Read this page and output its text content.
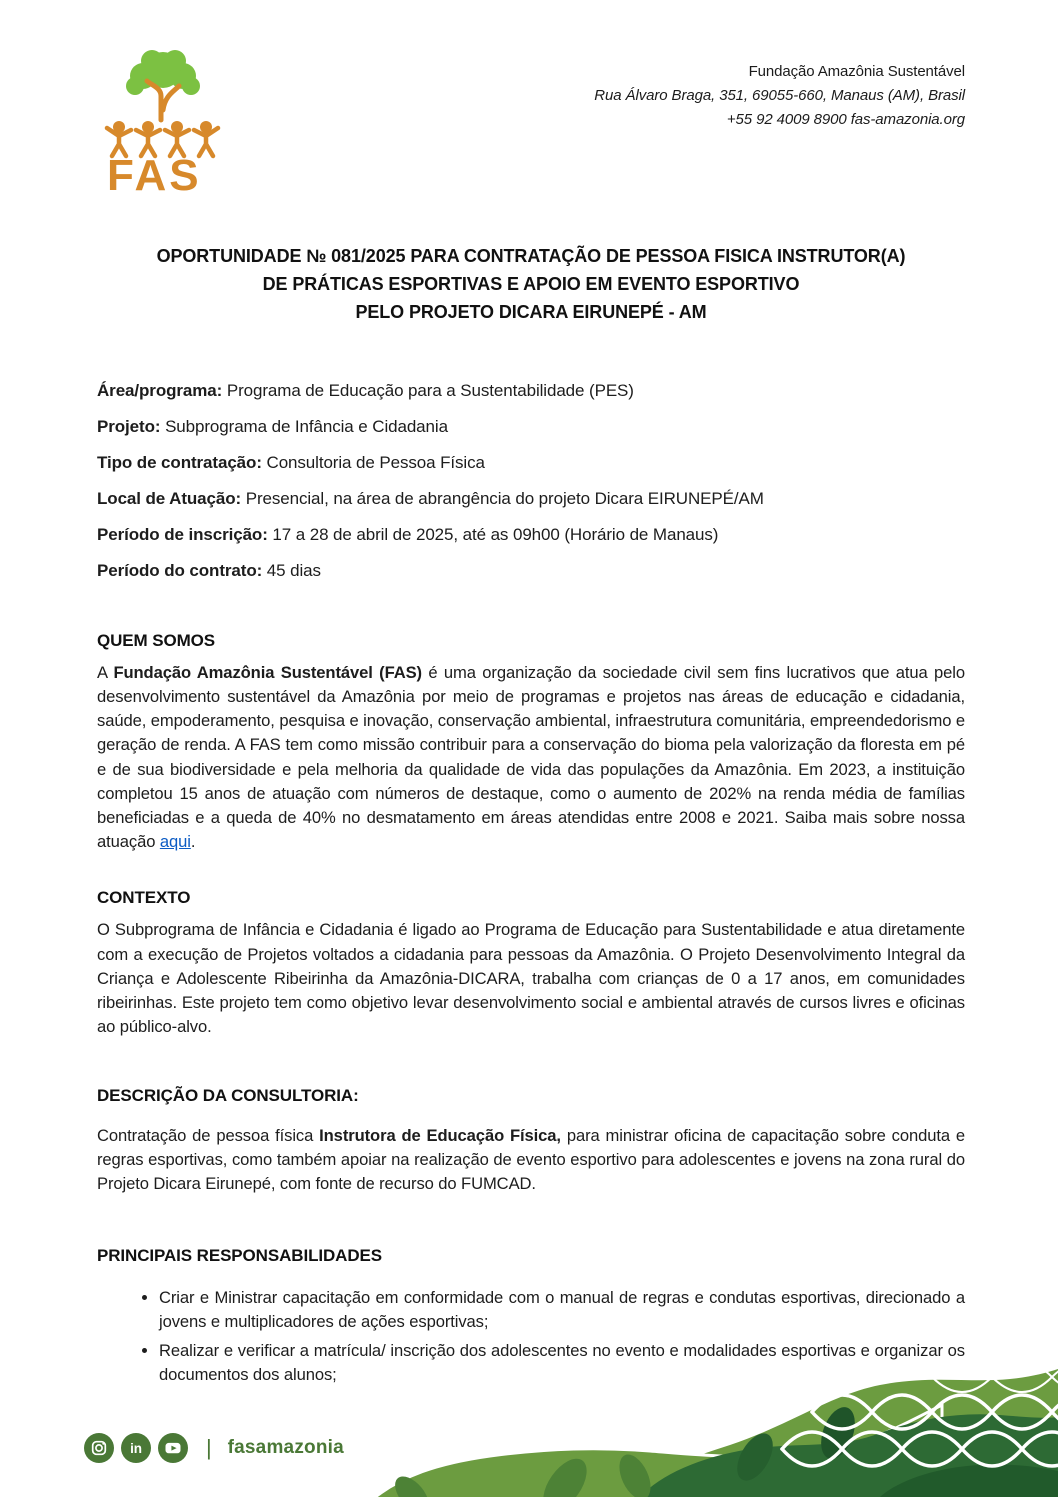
FAS
Fundação Amazônia Sustentável
Rua Álvaro Braga, 351, 69055-660, Manaus (AM), Brasil
+55 92 4009 8900 fas-amazonia.org
OPORTUNIDADE № 081/2025 PARA CONTRATAÇÃO DE PESSOA FISICA INSTRUTOR(A)
DE PRÁTICAS ESPORTIVAS E APOIO EM EVENTO ESPORTIVO
PELO PROJETO DICARA EIRUNEPÉ - AM
Área/programa: Programa de Educação para a Sustentabilidade (PES)
Projeto: Subprograma de Infância e Cidadania
Tipo de contratação: Consultoria de Pessoa Física
Local de Atuação: Presencial, na área de abrangência do projeto Dicara EIRUNEPÉ/AM
Período de inscrição: 17 a 28 de abril de 2025, até as 09h00 (Horário de Manaus)
Período do contrato: 45 dias
QUEM SOMOS

A Fundação Amazônia Sustentável (FAS) é uma organização da sociedade civil sem fins lucrativos que atua pelo desenvolvimento sustentável da Amazônia por meio de programas e projetos nas áreas de educação e cidadania, saúde, empoderamento, pesquisa e inovação, conservação ambiental, infraestrutura comunitária, empreendedorismo e geração de renda. A FAS tem como missão contribuir para a conservação do bioma pela valorização da floresta em pé e de sua biodiversidade e pela melhoria da qualidade de vida das populações da Amazônia. Em 2023, a instituição completou 15 anos de atuação com números de destaque, como o aumento de 202% na renda média de famílias beneficiadas e a queda de 40% no desmatamento em áreas atendidas entre 2008 e 2021. Saiba mais sobre nossa atuação aqui.

CONTEXTO

O Subprograma de Infância e Cidadania é ligado ao Programa de Educação para Sustentabilidade e atua diretamente com a execução de Projetos voltados a cidadania para pessoas da Amazônia. O Projeto Desenvolvimento Integral da Criança e Adolescente Ribeirinha da Amazônia-DICARA, trabalha com crianças de 0 a 17 anos, em comunidades ribeirinhas. Este projeto tem como objetivo levar desenvolvimento social e ambiental através de cursos livres e oficinas ao público-alvo.

DESCRIÇÃO DA CONSULTORIA:

Contratação de pessoa física Instrutora de Educação Física, para ministrar oficina de capacitação sobre conduta e regras esportivas, como também apoiar na realização de evento esportivo para adolescentes e jovens na zona rural do Projeto Dicara Eirunepé, com fonte de recurso do FUMCAD.

PRINCIPAIS RESPONSABILIDADES
• Criar e Ministrar capacitação em conformidade com o manual de regras e condutas esportivas, direcionado a jovens e multiplicadores de ações esportivas;
• Realizar e verificar a matrícula/ inscrição dos adolescentes no evento e modalidades esportivas e organizar os documentos dos alunos;
in	| fasamazonia
